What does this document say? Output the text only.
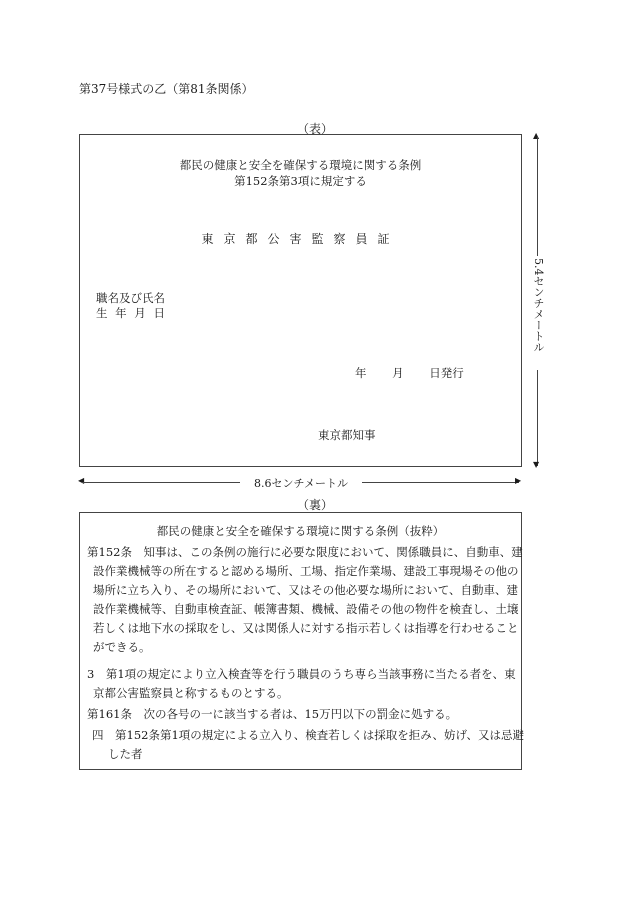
第37号様式の乙（第81条関係）
（表）
都民の健康と安全を確保する環境に関する条例
第152条第3項に規定する
東京都公害監察員証
職名及び氏名
生 年 月 日
年 月 日発行
東京都知事
▲
5.4センチメートル
▼
◀	8.6センチメートル	▶
（裏）
都民の健康と安全を確保する環境に関する条例（抜粋）
第152条　知事は、この条例の施行に必要な限度において、関係職員に、自動車、建設作業機械等の所在すると認める場所、工場、指定作業場、建設工事現場その他の場所に立ち入り、その場所において、又はその他必要な場所において、自動車、建設作業機械等、自動車検査証、帳簿書類、機械、設備その他の物件を検査し、土壌若しくは地下水の採取をし、又は関係人に対する指示若しくは指導を行わせることができる。
3　第1項の規定により立入検査等を行う職員のうち専ら当該事務に当たる者を、東京都公害監察員と称するものとする。
第161条　次の各号の一に該当する者は、15万円以下の罰金に処する。
四　第152条第1項の規定による立入り、検査若しくは採取を拒み、妨げ、又は忌避した者
